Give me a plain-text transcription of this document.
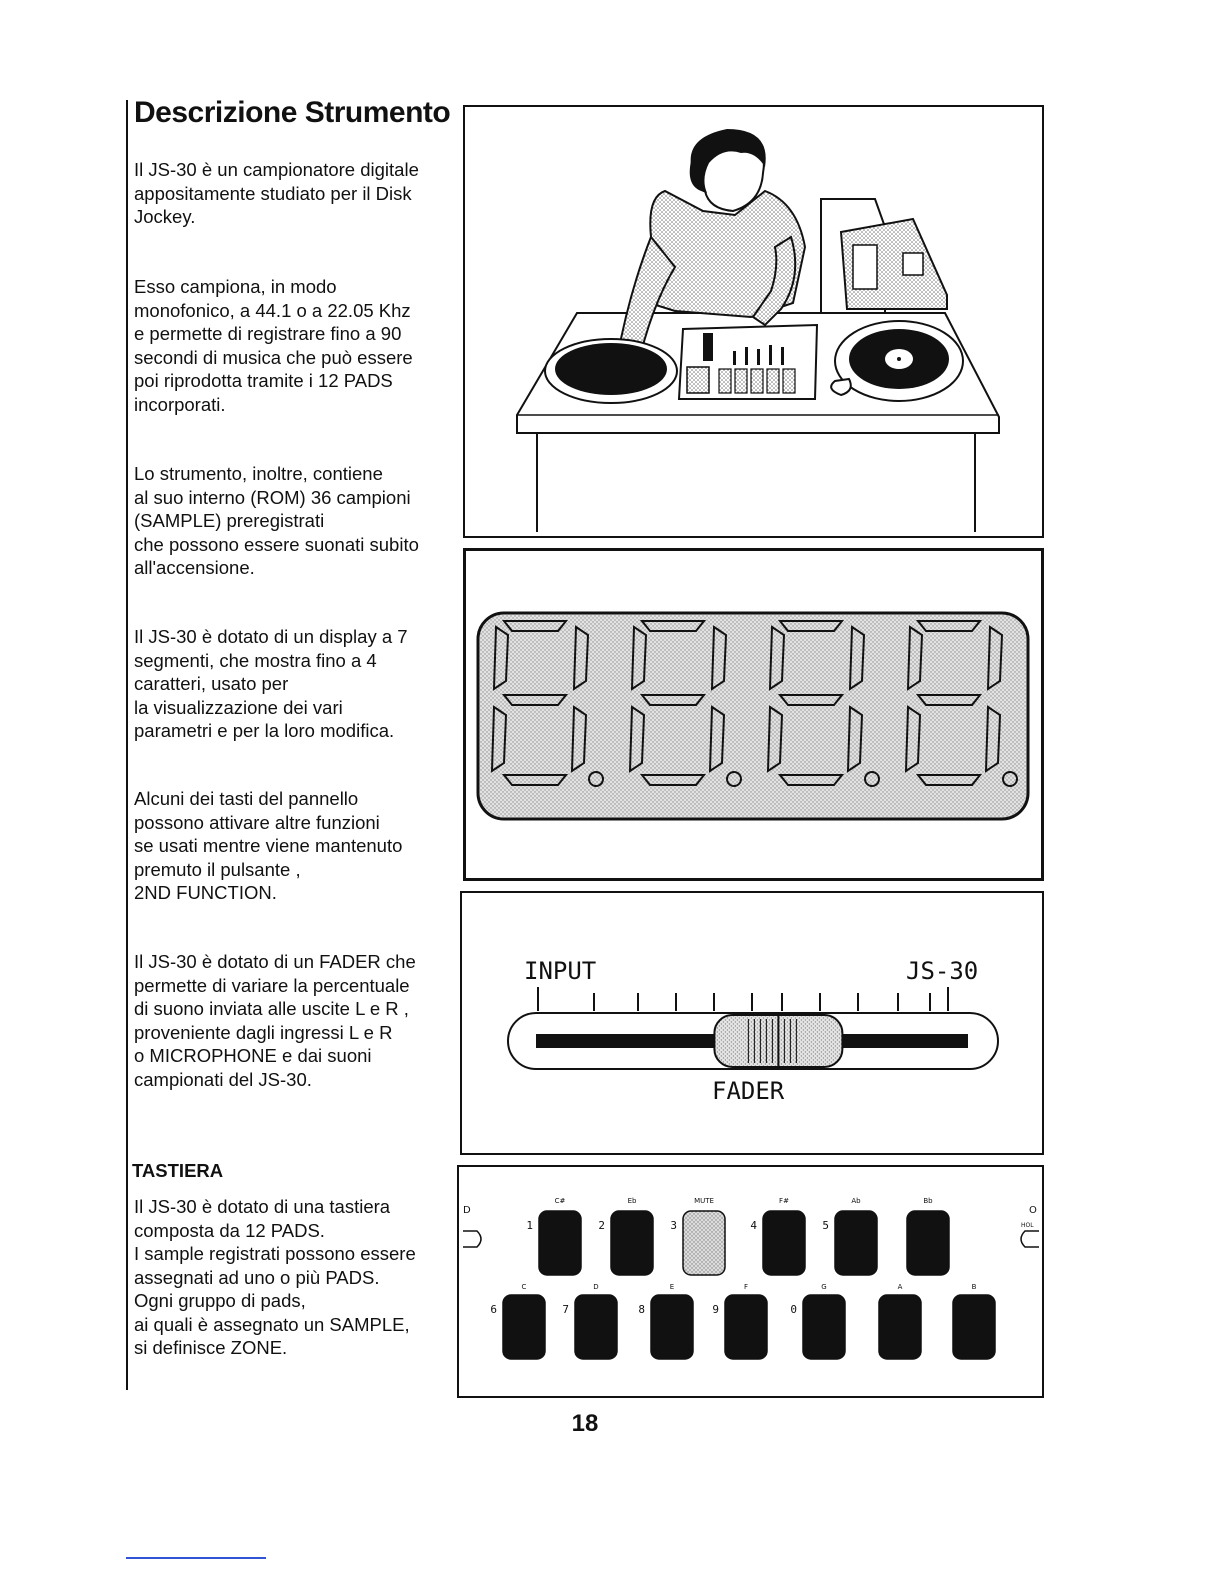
Descrizione Strumento
Il JS-30 è un campionatore digitale
appositamente studiato per il Disk
Jockey.
Esso campiona, in modo
monofonico, a 44.1 o a 22.05 Khz
e permette di registrare fino a 90
secondi di musica che può essere
poi riprodotta tramite i 12 PADS
incorporati.
Lo strumento, inoltre, contiene
al suo interno (ROM) 36 campioni
(SAMPLE) preregistrati
che possono essere suonati subito
all'accensione.
Il JS-30 è dotato di un display a 7
segmenti, che mostra fino a 4
caratteri, usato per
la visualizzazione dei vari
parametri e per la loro modifica.
Alcuni dei tasti del pannello
possono attivare altre funzioni
se usati mentre viene mantenuto
premuto il pulsante ,
2ND FUNCTION.
Il JS-30 è dotato di un FADER che
permette di variare la percentuale
di suono inviata alle uscite L e R ,
proveniente dagli ingressi L e R
o MICROPHONE e dai suoni
campionati del JS-30.
TASTIERA
Il JS-30 è dotato di una tastiera
composta da 12 PADS.
I sample registrati possono essere
assegnati ad uno o più PADS.
Ogni gruppo di pads,
ai quali è assegnato un SAMPLE,
si definisce ZONE.
INPUT	JS-30
FADER
D	O
HOL
C#
1
Eb
2
MUTE
3
F#
4
Ab
5
Bb
C
6
D
7
E
8
F
9
G
0
A	B

18
